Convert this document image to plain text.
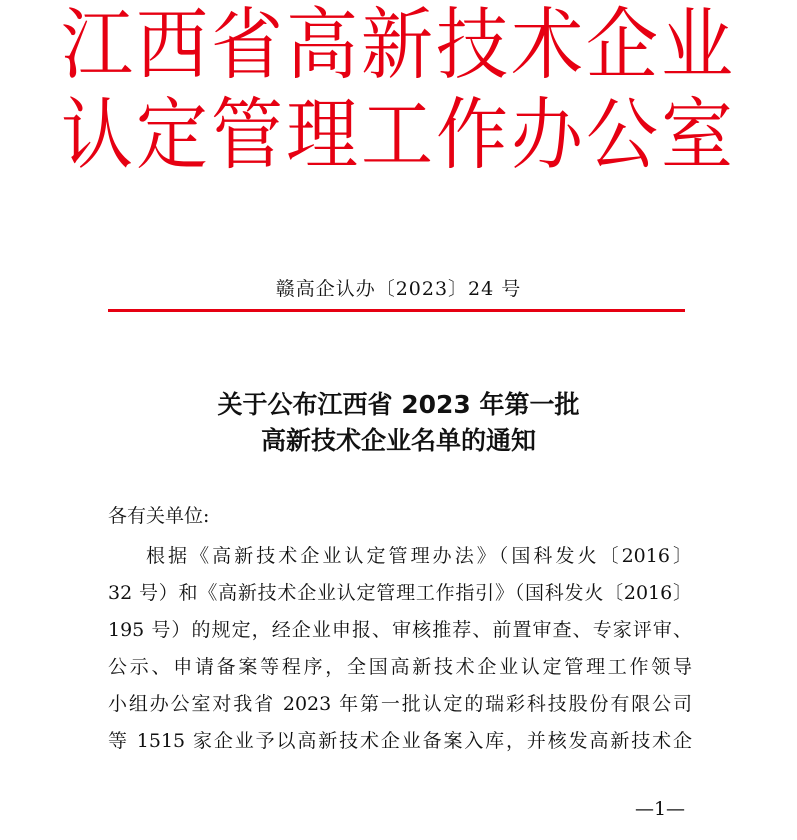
江西省高新技术企业
认定管理工作办公室
赣高企认办〔2023〕24 号
关于公布江西省 2023 年第一批
高新技术企业名单的通知
各有关单位:
根据《高新技术企业认定管理办法》（国科发火〔2016〕
32 号）和《高新技术企业认定管理工作指引》（国科发火〔2016〕
195 号）的规定，经企业申报、审核推荐、前置审查、专家评审、
公示、申请备案等程序，全国高新技术企业认定管理工作领导
小组办公室对我省 2023 年第一批认定的瑞彩科技股份有限公司
等 1515 家企业予以高新技术企业备案入库，并核发高新技术企
—1—
